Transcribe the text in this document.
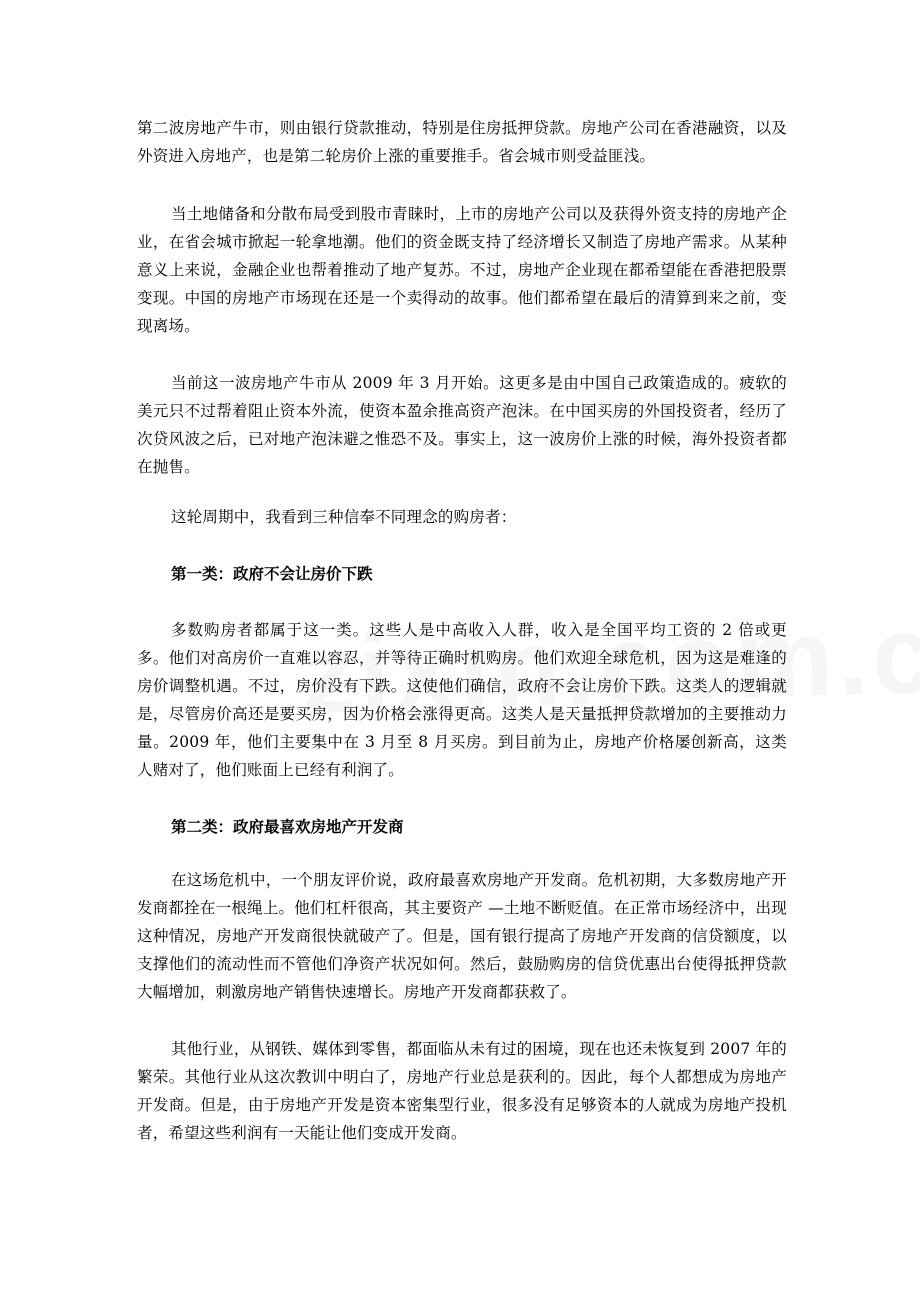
第二波房地产牛市，则由银行贷款推动，特别是住房抵押贷款。房地产公司在香港融资，以及外资进入房地产，也是第二轮房价上涨的重要推手。省会城市则受益匪浅。

当土地储备和分散布局受到股市青睐时，上市的房地产公司以及获得外资支持的房地产企业，在省会城市掀起一轮拿地潮。他们的资金既支持了经济增长又制造了房地产需求。从某种意义上来说，金融企业也帮着推动了地产复苏。不过，房地产企业现在都希望能在香港把股票变现。中国的房地产市场现在还是一个卖得动的故事。他们都希望在最后的清算到来之前，变现离场。

当前这一波房地产牛市从 2009 年 3 月开始。这更多是由中国自己政策造成的。疲软的美元只不过帮着阻止资本外流，使资本盈余推高资产泡沫。在中国买房的外国投资者，经历了次贷风波之后，已对地产泡沫避之惟恐不及。事实上，这一波房价上涨的时候，海外投资者都在抛售。

这轮周期中，我看到三种信奉不同理念的购房者：

第一类：政府不会让房价下跌

多数购房者都属于这一类。这些人是中高收入人群，收入是全国平均工资的 2 倍或更多。他们对高房价一直难以容忍，并等待正确时机购房。他们欢迎全球危机，因为这是难逢的房价调整机遇。不过，房价没有下跌。这使他们确信，政府不会让房价下跌。这类人的逻辑就是，尽管房价高还是要买房，因为价格会涨得更高。这类人是天量抵押贷款增加的主要推动力量。2009 年，他们主要集中在 3 月至 8 月买房。到目前为止，房地产价格屡创新高，这类人赌对了，他们账面上已经有利润了。

第二类：政府最喜欢房地产开发商

在这场危机中，一个朋友评价说，政府最喜欢房地产开发商。危机初期，大多数房地产开发商都拴在一根绳上。他们杠杆很高，其主要资产 —土地不断贬值。在正常市场经济中，出现这种情况，房地产开发商很快就破产了。但是，国有银行提高了房地产开发商的信贷额度，以支撑他们的流动性而不管他们净资产状况如何。然后，鼓励购房的信贷优惠出台使得抵押贷款大幅增加，刺激房地产销售快速增长。房地产开发商都获救了。

其他行业，从钢铁、媒体到零售，都面临从未有过的困境，现在也还未恢复到 2007 年的繁荣。其他行业从这次教训中明白了，房地产行业总是获利的。因此，每个人都想成为房地产开发商。但是，由于房地产开发是资本密集型行业，很多没有足够资本的人就成为房地产投机者，希望这些利润有一天能让他们变成开发商。
